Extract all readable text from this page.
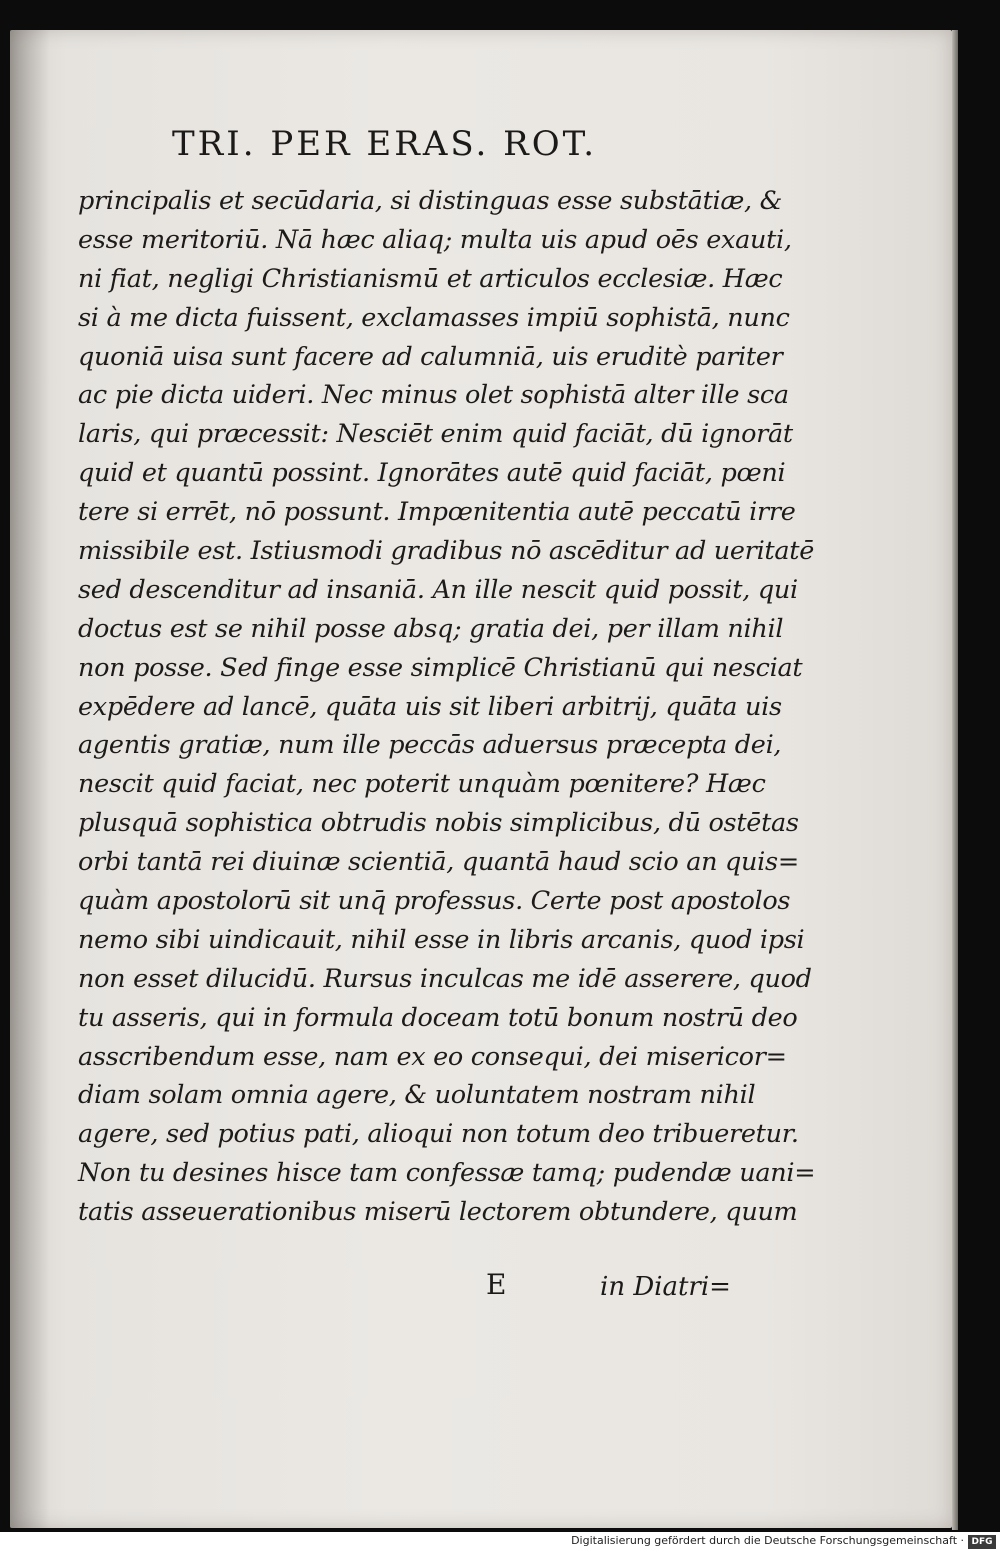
TRI. PER ERAS. ROT.
principalis et secūdaria, si distinguas esse substātiæ, &
esse meritoriū. Nā hæc aliaq; multa uis apud oēs exauti,
ni fiat, negligi Christianismū et articulos ecclesiæ. Hæc
si à me dicta fuissent, exclamasses impiū sophistā, nunc
quoniā uisa sunt facere ad calumniā, uis eruditè pariter
ac pie dicta uideri. Nec minus olet sophistā alter ille sca
laris, qui præcessit: Nesciēt enim quid faciāt, dū ignorāt
quid et quantū possint. Ignorātes autē quid faciāt, pœni
tere si errēt, nō possunt. Impœnitentia autē peccatū irre
missibile est. Istiusmodi gradibus nō ascēditur ad ueritatē
sed descenditur ad insaniā. An ille nescit quid possit, qui
doctus est se nihil posse absq; gratia dei, per illam nihil
non posse. Sed finge esse simplicē Christianū qui nesciat
expēdere ad lancē, quāta uis sit liberi arbitrij, quāta uis
agentis gratiæ, num ille peccās aduersus præcepta dei,
nescit quid faciat, nec poterit unquàm pœnitere? Hæc
plusquā sophistica obtrudis nobis simplicibus, dū ostētas
orbi tantā rei diuinæ scientiā, quantā haud scio an quis=
quàm apostolorū sit unq̄ professus. Certe post apostolos
nemo sibi uindicauit, nihil esse in libris arcanis, quod ipsi
non esset dilucidū. Rursus inculcas me idē asserere, quod
tu asseris, qui in formula doceam totū bonum nostrū deo
asscribendum esse, nam ex eo consequi, dei misericor=
diam solam omnia agere, & uoluntatem nostram nihil
agere, sed potius pati, alioqui non totum deo tribueretur.
Non tu desines hisce tam confessæ tamq; pudendæ uani=
tatis asseuerationibus miserū lectorem obtundere, quum
E	in Diatri=
Digitalisierung gefördert durch die Deutsche Forschungsgemeinschaft · DFG
